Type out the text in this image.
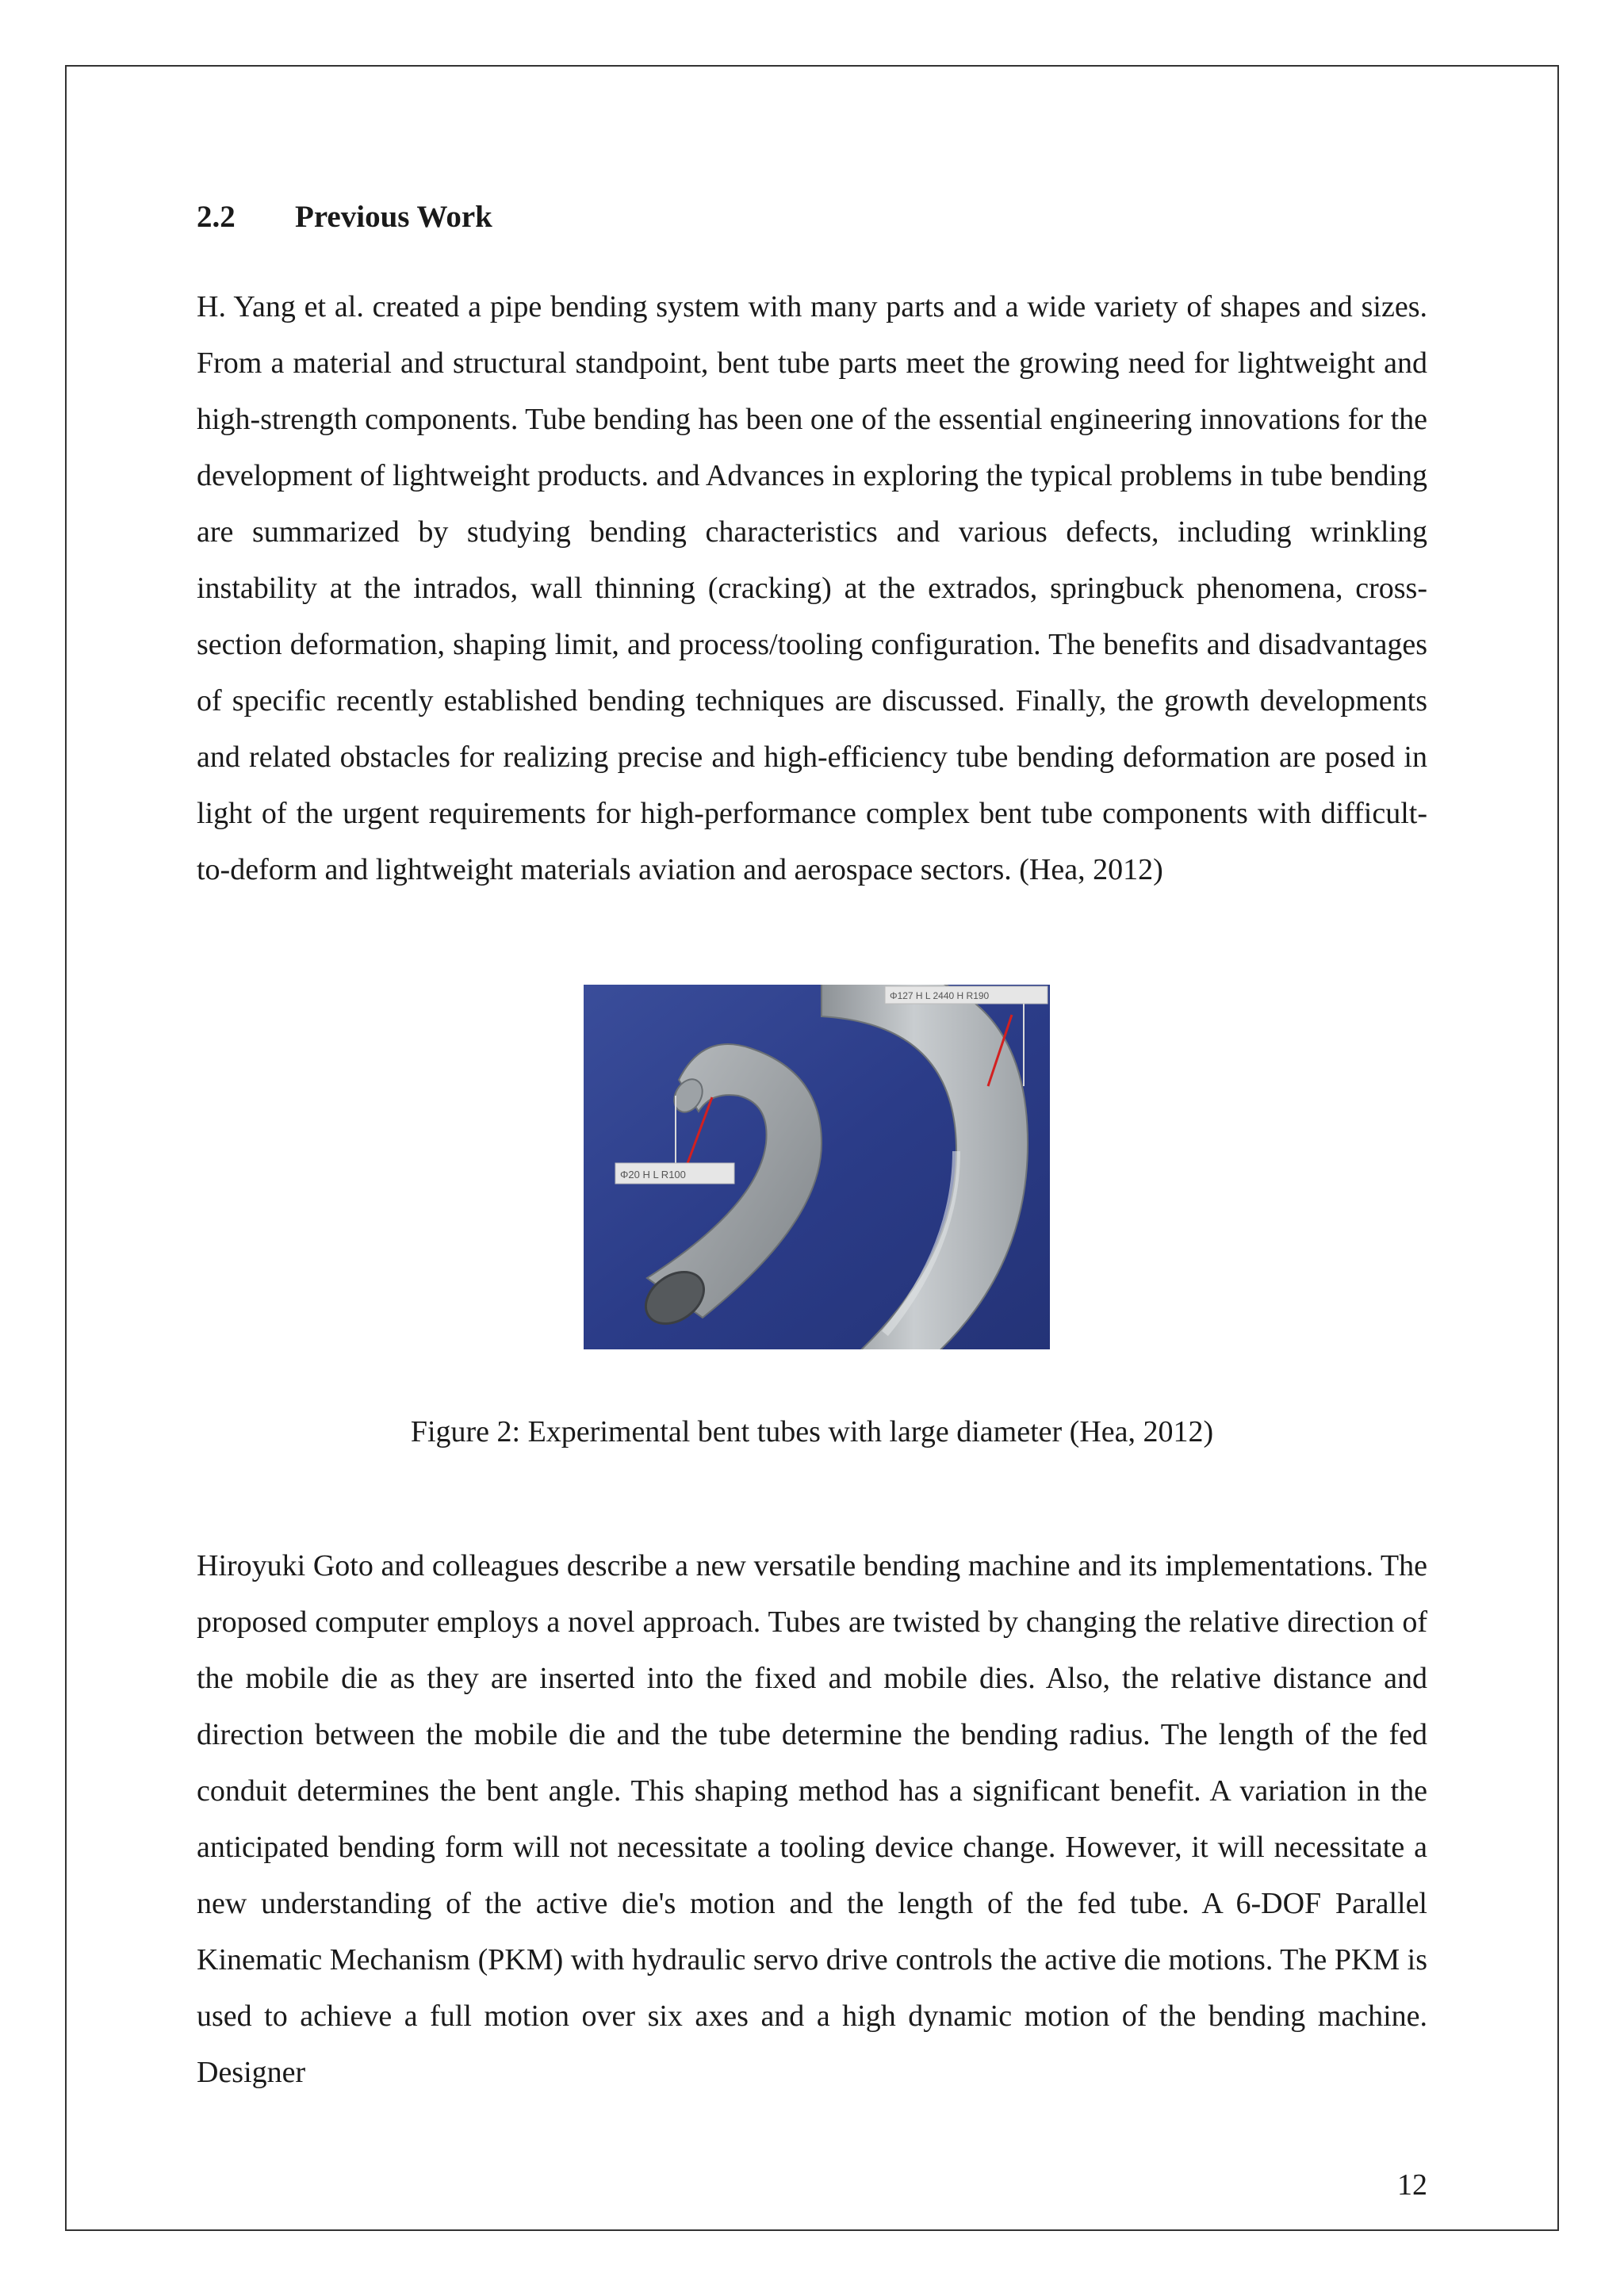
2.2 Previous Work

H. Yang et al. created a pipe bending system with many parts and a wide variety of shapes and sizes. From a material and structural standpoint, bent tube parts meet the growing need for lightweight and high-strength components. Tube bending has been one of the essential engineering innovations for the development of lightweight products. and Advances in exploring the typical problems in tube bending are summarized by studying bending characteristics and various defects, including wrinkling instability at the intrados, wall thinning (cracking) at the extrados, springbuck phenomena, cross-section deformation, shaping limit, and process/tooling configuration. The benefits and disadvantages of specific recently established bending techniques are discussed. Finally, the growth developments and related obstacles for realizing precise and high-efficiency tube bending deformation are posed in light of the urgent requirements for high-performance complex bent tube components with difficult-to-deform and lightweight materials aviation and aerospace sectors. (Hea, 2012)

Φ20 H L R100
Φ127 H L 2440 H R190
Figure 2: Experimental bent tubes with large diameter (Hea, 2012)

Hiroyuki Goto and colleagues describe a new versatile bending machine and its implementations. The proposed computer employs a novel approach. Tubes are twisted by changing the relative direction of the mobile die as they are inserted into the fixed and mobile dies. Also, the relative distance and direction between the mobile die and the tube determine the bending radius. The length of the fed conduit determines the bent angle. This shaping method has a significant benefit. A variation in the anticipated bending form will not necessitate a tooling device change. However, it will necessitate a new understanding of the active die's motion and the length of the fed tube. A 6-DOF Parallel Kinematic Mechanism (PKM) with hydraulic servo drive controls the active die motions. The PKM is used to achieve a full motion over six axes and a high dynamic motion of the bending machine. Designer

12
